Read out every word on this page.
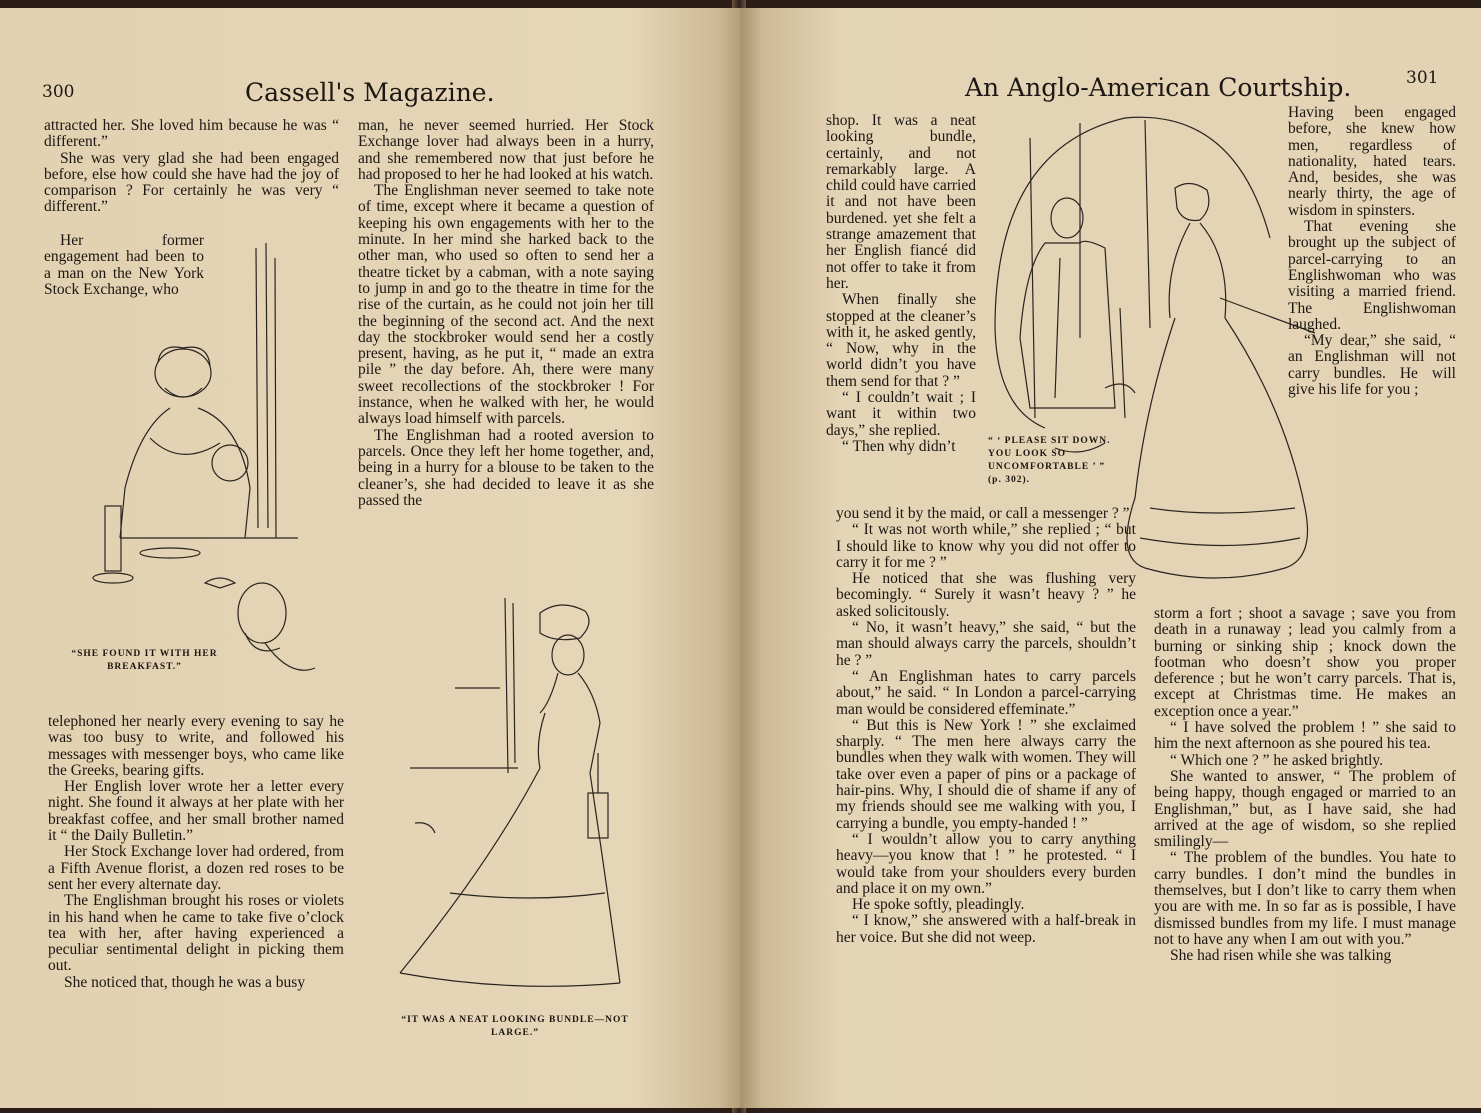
300	Cassell's Magazine.

attracted her. She loved him because he was “ different.”

She was very glad she had been engaged before, else how could she have had the joy of comparison ? For certainly he was very “ different.”

Her former engagement had been to a man on the New York Stock Exchange, who

“SHE FOUND IT WITH HER BREAKFAST.”

telephoned her nearly every evening to say he was too busy to write, and followed his messages with messenger boys, who came like the Greeks, bearing gifts.

Her English lover wrote her a letter every night. She found it always at her plate with her breakfast coffee, and her small brother named it “ the Daily Bulletin.”

Her Stock Exchange lover had ordered, from a Fifth Avenue florist, a dozen red roses to be sent her every alternate day.

The Englishman brought his roses or violets in his hand when he came to take five o’clock tea with her, after having experienced a peculiar sentimental delight in picking them out.

She noticed that, though he was a busy

man, he never seemed hurried. Her Stock Exchange lover had always been in a hurry, and she remembered now that just before he had proposed to her he had looked at his watch.

The Englishman never seemed to take note of time, except where it became a question of keeping his own engagements with her to the minute. In her mind she harked back to the other man, who used so often to send her a theatre ticket by a cabman, with a note saying to jump in and go to the theatre in time for the rise of the curtain, as he could not join her till the beginning of the second act. And the next day the stockbroker would send her a costly present, having, as he put it, “ made an extra pile ” the day before. Ah, there were many sweet recollections of the stockbroker ! For instance, when he walked with her, he would always load himself with parcels.

The Englishman had a rooted aversion to parcels. Once they left her home together, and, being in a hurry for a blouse to be taken to the cleaner’s, she had decided to leave it as she passed the

“IT WAS A NEAT LOOKING BUNDLE—NOT LARGE.”
An Anglo-American Courtship.	301

shop. It was a neat looking bundle, certainly, and not remarkably large. A child could have carried it and not have been burdened. yet she felt a strange amazement that her English fiancé did not offer to take it from her.

When finally she stopped at the cleaner’s with it, he asked gently, “ Now, why in the world didn’t you have them send for that ? ”

“ I couldn’t wait ; I want it within two days,” she replied.

“ Then why didn’t	“ ‘ PLEASE SIT DOWN. YOU LOOK SO UNCOMFORTABLE ’ ” (p. 302).

you send it by the maid, or call a messenger ? ”

“ It was not worth while,” she replied ; “ but I should like to know why you did not offer to carry it for me ? ”

He noticed that she was flushing very becomingly. “ Surely it wasn’t heavy ? ” he asked solicitously.

“ No, it wasn’t heavy,” she said, “ but the man should always carry the parcels, shouldn’t he ? ”

“ An Englishman hates to carry parcels about,” he said. “ In London a parcel-carrying man would be considered effeminate.”

“ But this is New York ! ” she exclaimed sharply. “ The men here always carry the bundles when they walk with women. They will take over even a paper of pins or a package of hair-pins. Why, I should die of shame if any of my friends should see me walking with you, I carrying a bundle, you empty-handed ! ”

“ I wouldn’t allow you to carry anything heavy—you know that ! ” he protested. “ I would take from your shoulders every burden and place it on my own.”

He spoke softly, pleadingly.

“ I know,” she answered with a half-break in her voice. But she did not weep.

Having been engaged before, she knew how men, regardless of nationality, hated tears. And, besides, she was nearly thirty, the age of wisdom in spinsters.

That evening she brought up the subject of parcel-carrying to an Englishwoman who was visiting a married friend. The Englishwoman laughed.

“My dear,” she said, “ an Englishman will not carry bundles. He will give his life for you ;

storm a fort ; shoot a savage ; save you from death in a runaway ; lead you calmly from a burning or sinking ship ; knock down the footman who doesn’t show you proper deference ; but he won’t carry parcels. That is, except at Christmas time. He makes an exception once a year.”

“ I have solved the problem ! ” she said to him the next afternoon as she poured his tea.

“ Which one ? ” he asked brightly.

She wanted to answer, “ The problem of being happy, though engaged or married to an Englishman,” but, as I have said, she had arrived at the age of wisdom, so she replied smilingly—

“ The problem of the bundles. You hate to carry bundles. I don’t mind the bundles in themselves, but I don’t like to carry them when you are with me. In so far as is possible, I have dismissed bundles from my life. I must manage not to have any when I am out with you.”

She had risen while she was talking
